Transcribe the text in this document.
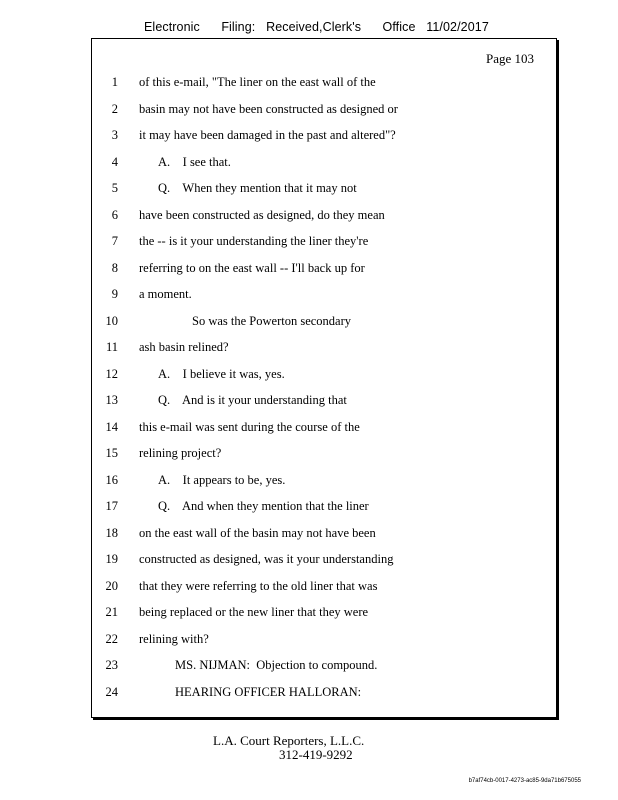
Electronic      Filing:   Received,Clerk's      Office   11/02/2017
Page 103
1 of this e-mail, "The liner on the east wall of the
2 basin may not have been constructed as designed or
3 it may have been damaged in the past and altered"?
4	A.    I see that.
5	Q.    When they mention that it may not
6 have been constructed as designed, do they mean
7 the -- is it your understanding the liner they're
8 referring to on the east wall -- I'll back up for
9 a moment.
10	So was the Powerton secondary
11 ash basin relined?
12	A.    I believe it was, yes.
13	Q.    And is it your understanding that
14 this e-mail was sent during the course of the
15 relining project?
16	A.    It appears to be, yes.
17	Q.    And when they mention that the liner
18 on the east wall of the basin may not have been
19 constructed as designed, was it your understanding
20 that they were referring to the old liner that was
21 being replaced or the new liner that they were
22 relining with?
23	MS. NIJMAN:  Objection to compound.
24	HEARING OFFICER HALLORAN:
L.A. Court Reporters, L.L.C.
312-419-9292
b7af74cb-0017-4273-ac85-9da71b675055
